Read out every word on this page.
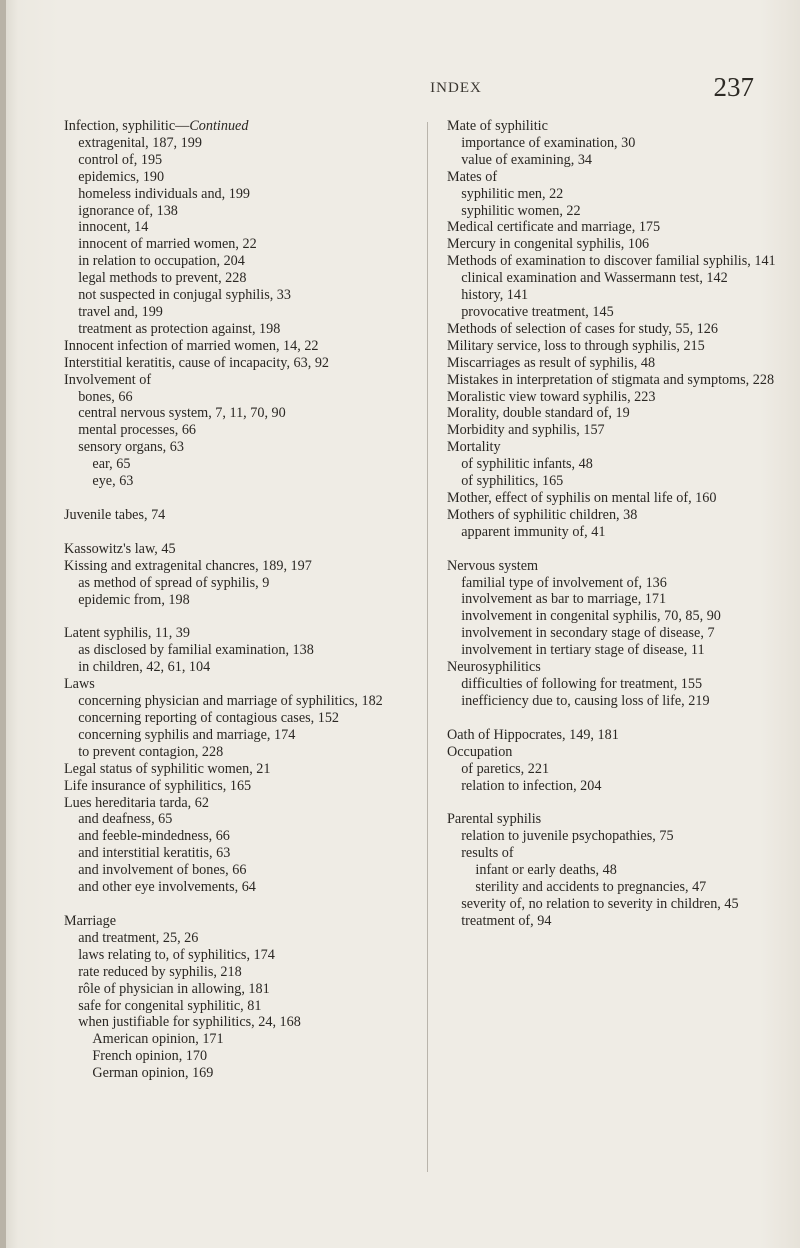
INDEX	237

Infection, syphilitic—Continued

extragenital, 187, 199

control of, 195

epidemics, 190

homeless individuals and, 199

ignorance of, 138

innocent, 14

innocent of married women, 22

in relation to occupation, 204

legal methods to prevent, 228

not suspected in conjugal syphilis, 33

travel and, 199

treatment as protection against, 198

Innocent infection of married women, 14, 22

Interstitial keratitis, cause of incapacity, 63, 92

Involvement of

bones, 66

central nervous system, 7, 11, 70, 90

mental processes, 66

sensory organs, 63

ear, 65

eye, 63

Juvenile tabes, 74

Kassowitz's law, 45

Kissing and extragenital chancres, 189, 197

as method of spread of syphilis, 9

epidemic from, 198

Latent syphilis, 11, 39

as disclosed by familial examination, 138

in children, 42, 61, 104

Laws

concerning physician and marriage of syphilitics, 182

concerning reporting of contagious cases, 152

concerning syphilis and marriage, 174

to prevent contagion, 228

Legal status of syphilitic women, 21

Life insurance of syphilitics, 165

Lues hereditaria tarda, 62

and deafness, 65

and feeble-mindedness, 66

and interstitial keratitis, 63

and involvement of bones, 66

and other eye involvements, 64

Marriage

and treatment, 25, 26

laws relating to, of syphilitics, 174

rate reduced by syphilis, 218

rôle of physician in allowing, 181

safe for congenital syphilitic, 81

when justifiable for syphilitics, 24, 168

American opinion, 171

French opinion, 170

German opinion, 169

Mate of syphilitic

importance of examination, 30

value of examining, 34

Mates of

syphilitic men, 22

syphilitic women, 22

Medical certificate and marriage, 175

Mercury in congenital syphilis, 106

Methods of examination to discover familial syphilis, 141

clinical examination and Wassermann test, 142

history, 141

provocative treatment, 145

Methods of selection of cases for study, 55, 126

Military service, loss to through syphilis, 215

Miscarriages as result of syphilis, 48

Mistakes in interpretation of stigmata and symptoms, 228

Moralistic view toward syphilis, 223

Morality, double standard of, 19

Morbidity and syphilis, 157

Mortality

of syphilitic infants, 48

of syphilitics, 165

Mother, effect of syphilis on mental life of, 160

Mothers of syphilitic children, 38

apparent immunity of, 41

Nervous system

familial type of involvement of, 136

involvement as bar to marriage, 171

involvement in congenital syphilis, 70, 85, 90

involvement in secondary stage of disease, 7

involvement in tertiary stage of disease, 11

Neurosyphilitics

difficulties of following for treatment, 155

inefficiency due to, causing loss of life, 219

Oath of Hippocrates, 149, 181

Occupation

of paretics, 221

relation to infection, 204

Parental syphilis

relation to juvenile psychopathies, 75

results of

infant or early deaths, 48

sterility and accidents to pregnancies, 47

severity of, no relation to severity in children, 45

treatment of, 94
